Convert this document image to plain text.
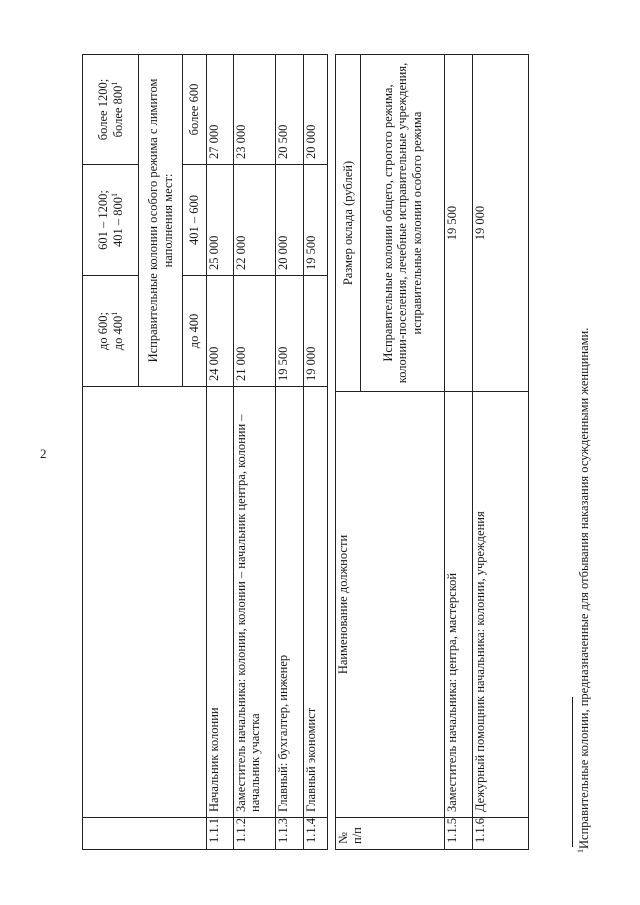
2

		до 600; до $400^1$	601 – 1200; $401 - 800^1$	более 1200; более $800^1$

		Исправительные колонии особого режима с лимитом наполнения мест:		
		до 400	401 – 600	более 600
1.1.1	Начальник колонии	24 000	25 000	27 000
1.1.2	Заместитель начальника: колонии, колонии – начальник центра, колонии – начальник участка	21 000	22 000	23 000
1.1.3	Главный: бухгалтер, инженер	19 500	20 000	20 500
1.1.4	Главный экономист	19 000	19 500	20 000
№ п/п	Наименование должности	Размер оклада (рублей)
		Исправительные колонии общего, строгого режима, колонии-поселения, лечебные исправительные учреждения, исправительные колонии особого режима
1.1.5	Заместитель начальника: центра, мастерской	19 500
1.1.6	Дежурный помощник начальника: колонии, учреждения	19 000
$^1$Исправительные колонии, предназначенные для отбывания наказания осужденными женщинами.
